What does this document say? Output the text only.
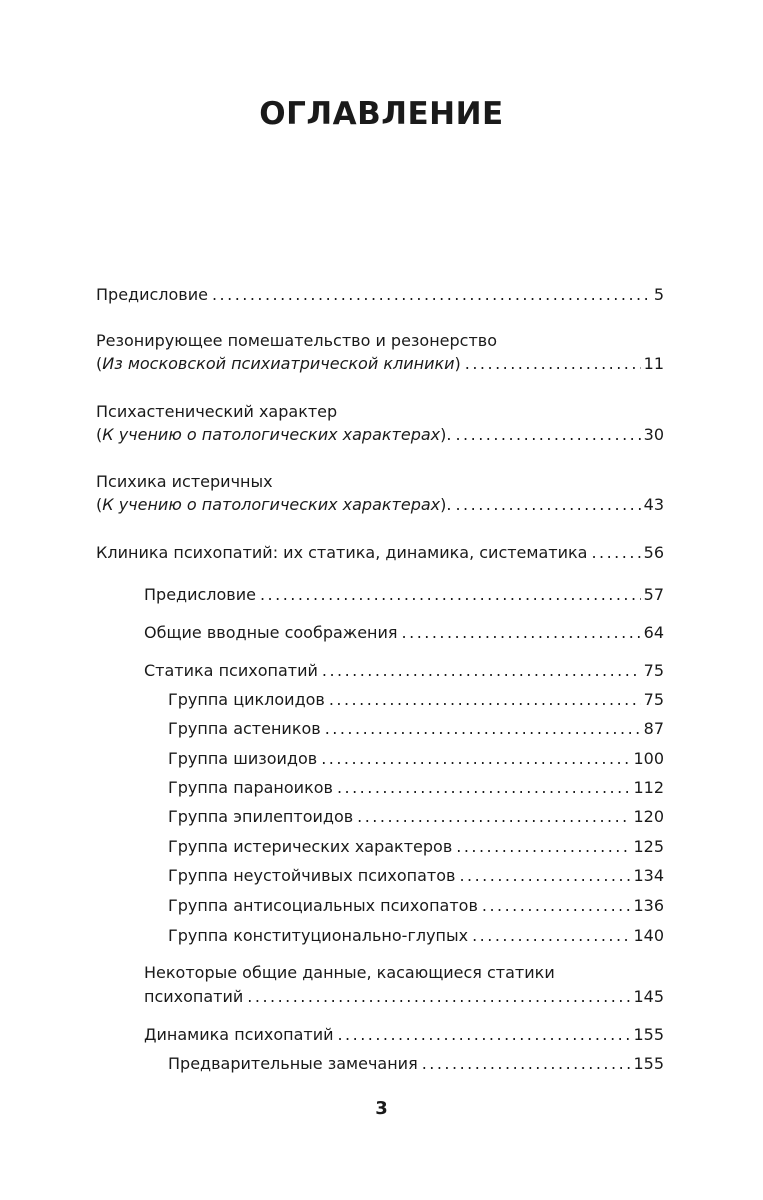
ОГЛАВЛЕНИЕ
Предисловие . . .	5
Резонирующее помешательство и резонерство
(Из московской психиатрической клиники) . . .	11
Психастенический характер
(К учению о патологических характерах). . . .	30
Психика истеричных
(К учению о патологических характерах). . . .	43
Клиника психопатий: их статика, динамика, систематика . . .	56
Предисловие . . .	57
Общие вводные соображения . . .	64
Статика психопатий . . .	75
Группа циклоидов . . .	75
Группа астеников . . .	87
Группа шизоидов . . .	100
Группа параноиков . . .	112
Группа эпилептоидов . . .	120
Группа истерических характеров . . .	125
Группа неустойчивых психопатов . . .	134
Группа антисоциальных психопатов . . .	136
Группа конституционально-глупых . . .	140
Некоторые общие данные, касающиеся статики
психопатий . . .	145
Динамика психопатий . . .	155
Предварительные замечания . . .	155
3
